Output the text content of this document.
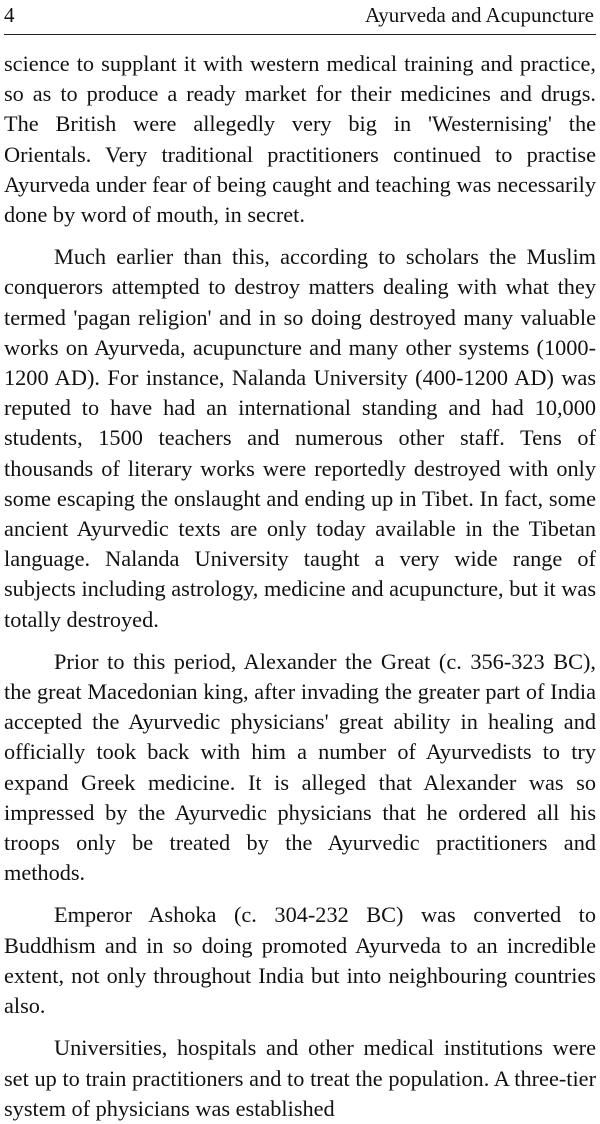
4	Ayurveda and Acupuncture

science to supplant it with western medical training and practice, so as to produce a ready market for their medicines and drugs. The British were allegedly very big in 'Westernising' the Orientals. Very traditional practitioners continued to practise Ayurveda under fear of being caught and teaching was necessarily done by word of mouth, in secret.

Much earlier than this, according to scholars the Muslim conquerors attempted to destroy matters dealing with what they termed 'pagan religion' and in so doing destroyed many valuable works on Ayurveda, acupuncture and many other systems (1000-1200 AD). For instance, Nalanda University (400-1200 AD) was reputed to have had an international standing and had 10,000 students, 1500 teachers and numerous other staff. Tens of thousands of literary works were reportedly destroyed with only some escaping the onslaught and ending up in Tibet. In fact, some ancient Ayurvedic texts are only today available in the Tibetan language. Nalanda University taught a very wide range of subjects including astrology, medicine and acupuncture, but it was totally destroyed.

Prior to this period, Alexander the Great (c. 356-323 BC), the great Macedonian king, after invading the greater part of India accepted the Ayurvedic physicians' great ability in healing and officially took back with him a number of Ayurvedists to try expand Greek medicine. It is alleged that Alexander was so impressed by the Ayurvedic physicians that he ordered all his troops only be treated by the Ayurvedic practitioners and methods.

Emperor Ashoka (c. 304-232 BC) was converted to Buddhism and in so doing promoted Ayurveda to an incredible extent, not only throughout India but into neighbouring countries also.

Universities, hospitals and other medical institutions were set up to train practitioners and to treat the population. A three-tier system of physicians was established
